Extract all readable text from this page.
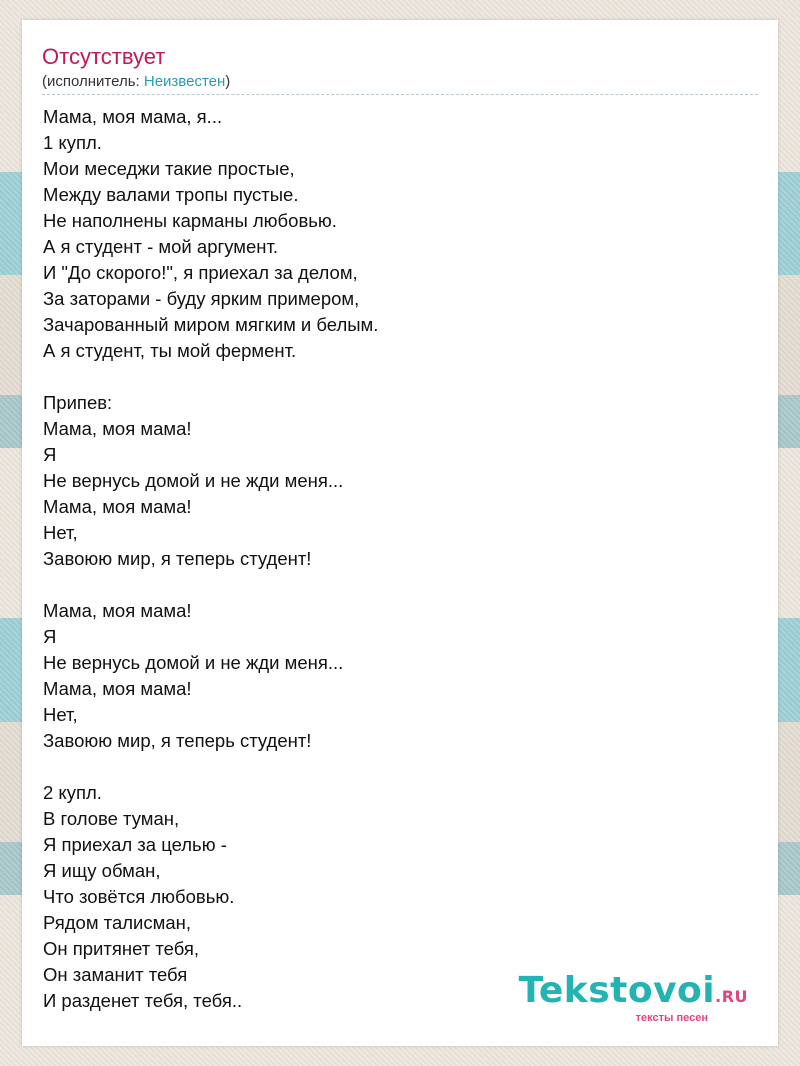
Отсутствует
(исполнитель: Неизвестен)
Мама, моя мама, я...
1 купл.
Мои меседжи такие простые,
Между валами тропы пустые.
Не наполнены карманы любовью.
А я студент - мой аргумент.
И "До скорого!", я приехал за делом,
За заторами - буду ярким примером,
Зачарованный миром мягким и белым.
А я студент, ты мой фермент.
Припев:
Мама, моя мама!
Я
Не вернусь домой и не жди меня...
Мама, моя мама!
Нет,
Завоюю мир, я теперь студент!
Мама, моя мама!
Я
Не вернусь домой и не жди меня...
Мама, моя мама!
Нет,
Завоюю мир, я теперь студент!
2 купл.
В голове туман,
Я приехал за целью -
Я ищу обман,
Что зовётся любовью.
Рядом талисман,
Он притянет тебя,
Он заманит тебя
И разденет тебя, тебя..	Tekstovoi.RU
тексты песен
